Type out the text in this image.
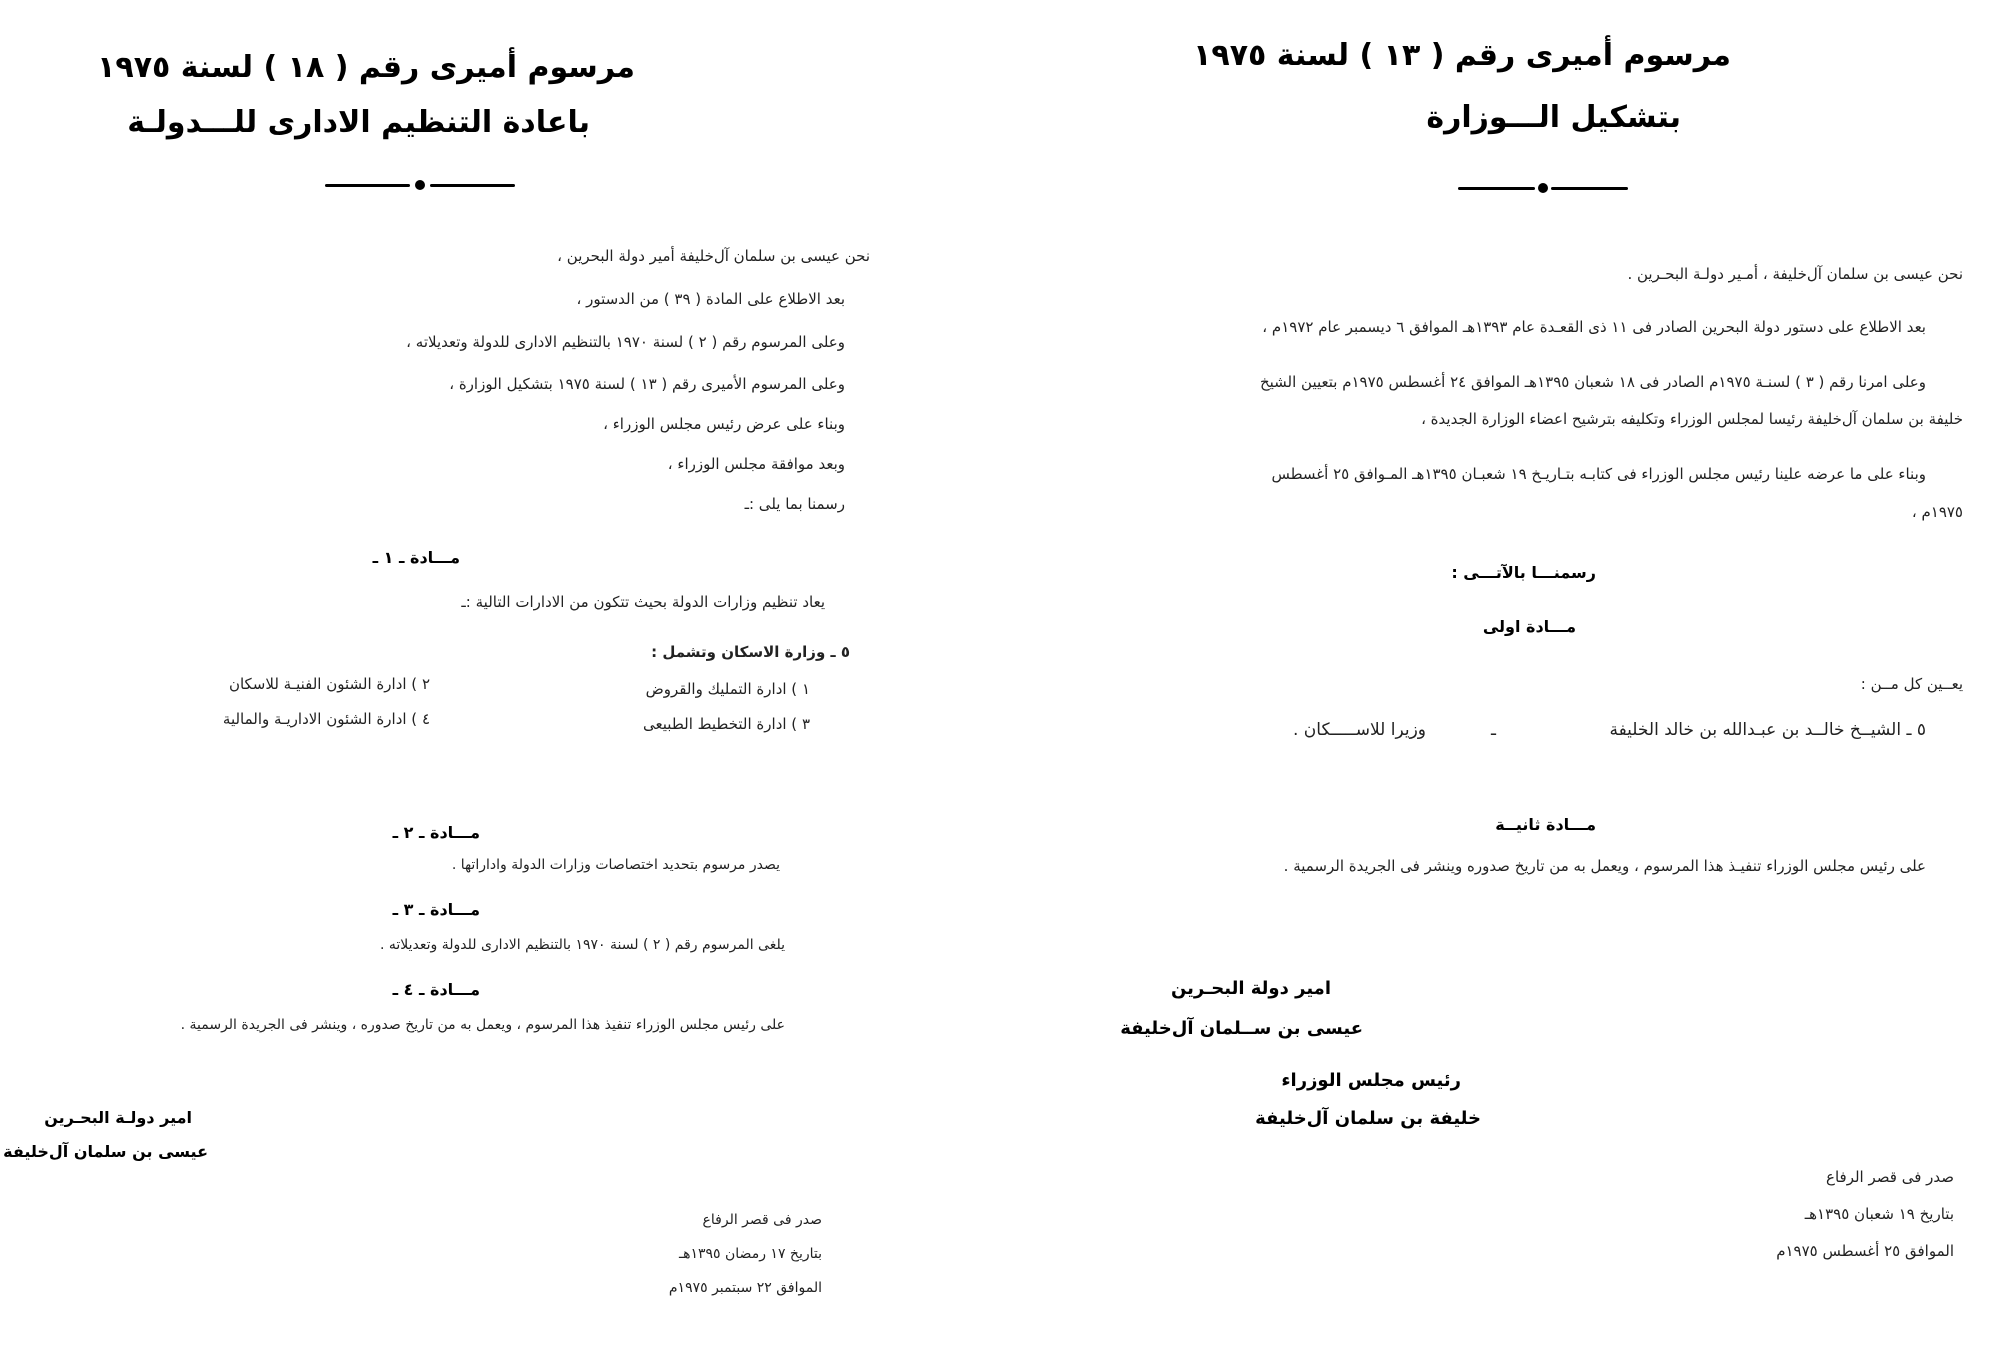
مرسوم أميرى رقم ( ١٨ ) لسنة ١٩٧٥
باعادة التنظيم الادارى للـــدولـة
نحن عيسى بن سلمان آل‌خليفة أمير دولة البحرين ،
بعد الاطلاع على المادة ( ٣٩ ) من الدستور ،
وعلى المرسوم رقم ( ٢ ) لسنة ١٩٧٠ بالتنظيم الادارى للدولة وتعديلاته ،
وعلى المرسوم الأميرى رقم ( ١٣ ) لسنة ١٩٧٥ بتشكيل الوزارة ،
وبناء على عرض رئيس مجلس الوزراء ،
وبعد موافقة مجلس الوزراء ،
رسمنا بما يلى :ـ
مـــادة ـ ١ ـ
يعاد تنظيم وزارات الدولة بحيث تتكون من الادارات التالية :ـ
٥ ـ وزارة الاسكان وتشمل :
١ ) ادارة التمليك والقروض
٢ ) ادارة الشئون الفنيـة للاسكان
٣ ) ادارة التخطيط الطبيعى
٤ ) ادارة الشئون الاداريـة والمالية
مـــادة ـ ٢ ـ
يصدر مرسوم بتحديد اختصاصات وزارات الدولة واداراتها .
مـــادة ـ ٣ ـ
يلغى المرسوم رقم ( ٢ ) لسنة ١٩٧٠ بالتنظيم الادارى للدولة وتعديلاته .
مـــادة ـ ٤ ـ
على رئيس مجلس الوزراء تنفيذ هذا المرسوم ، ويعمل به من تاريخ صدوره ، وينشر فى الجريدة الرسمية .
امير دولـة البحـرين
عيسى بن سلمان آل‌خليفة
صدر فى قصر الرفاع
بتاريخ ١٧ رمضان ١٣٩٥هـ
الموافق ٢٢ سبتمبر ١٩٧٥م
مرسوم أميرى رقم ( ١٣ ) لسنة ١٩٧٥
بتشكيل الـــوزارة
نحن عيسى بن سلمان آل‌خليفة ، أمـير دولـة البحـرين .
بعد الاطلاع على دستور دولة البحرين الصادر فى ١١ ذى القعـدة عام ١٣٩٣هـ الموافق ٦ ديسمبر عام ١٩٧٢م ،
وعلى امرنا رقم ( ٣ ) لسنـة ١٩٧٥م الصادر فى ١٨ شعبان ١٣٩٥هـ الموافق ٢٤ أغسطس ١٩٧٥م بتعيين الشيخ
خليفة بن سلمان آل‌خليفة رئيسا لمجلس الوزراء وتكليفه بترشيح اعضاء الوزارة الجديدة ،
وبناء على ما عرضه علينا رئيس مجلس الوزراء فى كتابـه بتـاريـخ ١٩ شعبـان ١٣٩٥هـ المـوافق ٢٥ أغسطس
١٩٧٥م ،
رسمنـــا بالآتـــى :
مـــادة اولى
يعــين كل مــن :
٥ ـ الشيــخ خالــد بن عبـدالله بن خالد الخليفة
ـ
وزيرا للاســـــكان .
مـــادة ثانيــة
على رئيس مجلس الوزراء تنفيـذ هذا المرسوم ، ويعمل به من تاريخ صدوره وينشر فى الجريدة الرسمية .
امير دولة البحـرين
عيسى بن ســلمان آل‌خليفة
رئيس مجلس الوزراء
خليفة بن سلمان آل‌خليفة
صدر فى قصر الرفاع
بتاريخ ١٩ شعبان ١٣٩٥هـ
الموافق ٢٥ أغسطس ١٩٧٥م
